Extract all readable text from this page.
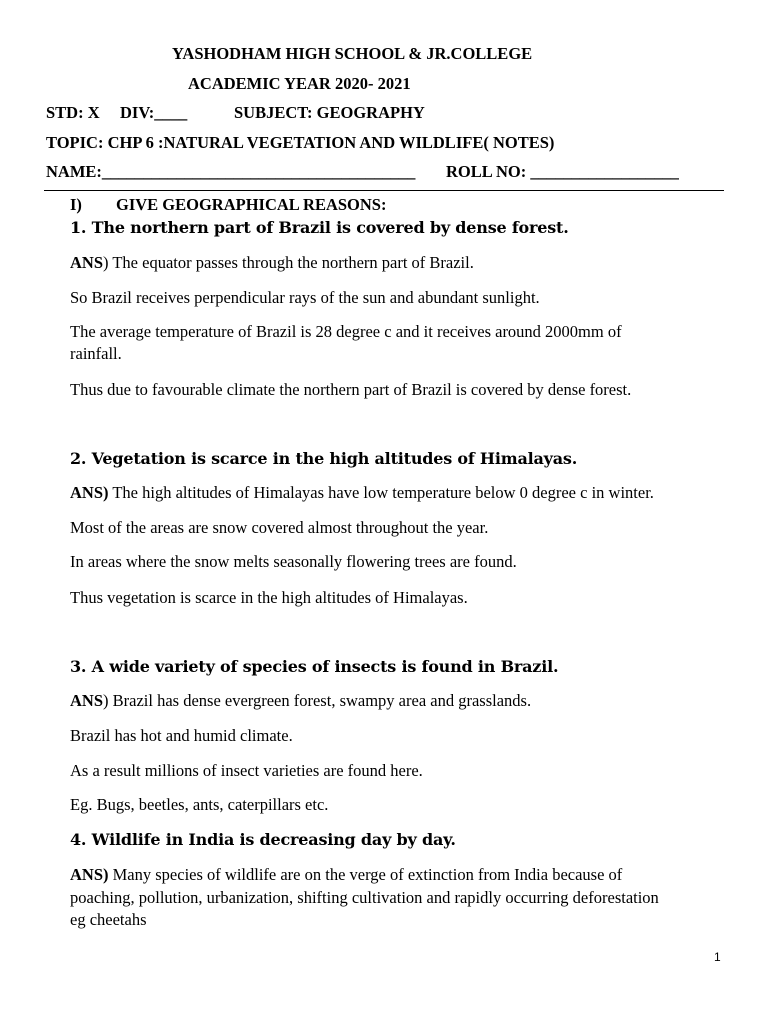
YASHODHAM HIGH SCHOOL & JR.COLLEGE
ACADEMIC YEAR 2020- 2021
STD: X DIV:____	SUBJECT: GEOGRAPHY
TOPIC: CHP 6 :NATURAL VEGETATION AND WILDLIFE( NOTES)
NAME:______________________________________ ROLL NO: __________________
I) GIVE GEOGRAPHICAL REASONS:
1. The northern part of Brazil is covered by dense forest.
ANS) The equator passes through the northern part of Brazil.
So Brazil receives perpendicular rays of the sun and abundant sunlight.
The average temperature of Brazil is 28 degree c and it receives around 2000mm of
rainfall.
Thus due to favourable climate the northern part of Brazil is covered by dense forest.
2. Vegetation is scarce in the high altitudes of Himalayas.
ANS) The high altitudes of Himalayas have low temperature below 0 degree c in winter.
Most of the areas are snow covered almost throughout the year.
In areas where the snow melts seasonally flowering trees are found.
Thus vegetation is scarce in the high altitudes of Himalayas.
3. A wide variety of species of insects is found in Brazil.
ANS) Brazil has dense evergreen forest, swampy area and grasslands.
Brazil has hot and humid climate.
As a result millions of insect varieties are found here.
Eg. Bugs, beetles, ants, caterpillars etc.
4. Wildlife in India is decreasing day by day.
ANS) Many species of wildlife are on the verge of extinction from India because of
poaching, pollution, urbanization, shifting cultivation and rapidly occurring deforestation
eg cheetahs
1
